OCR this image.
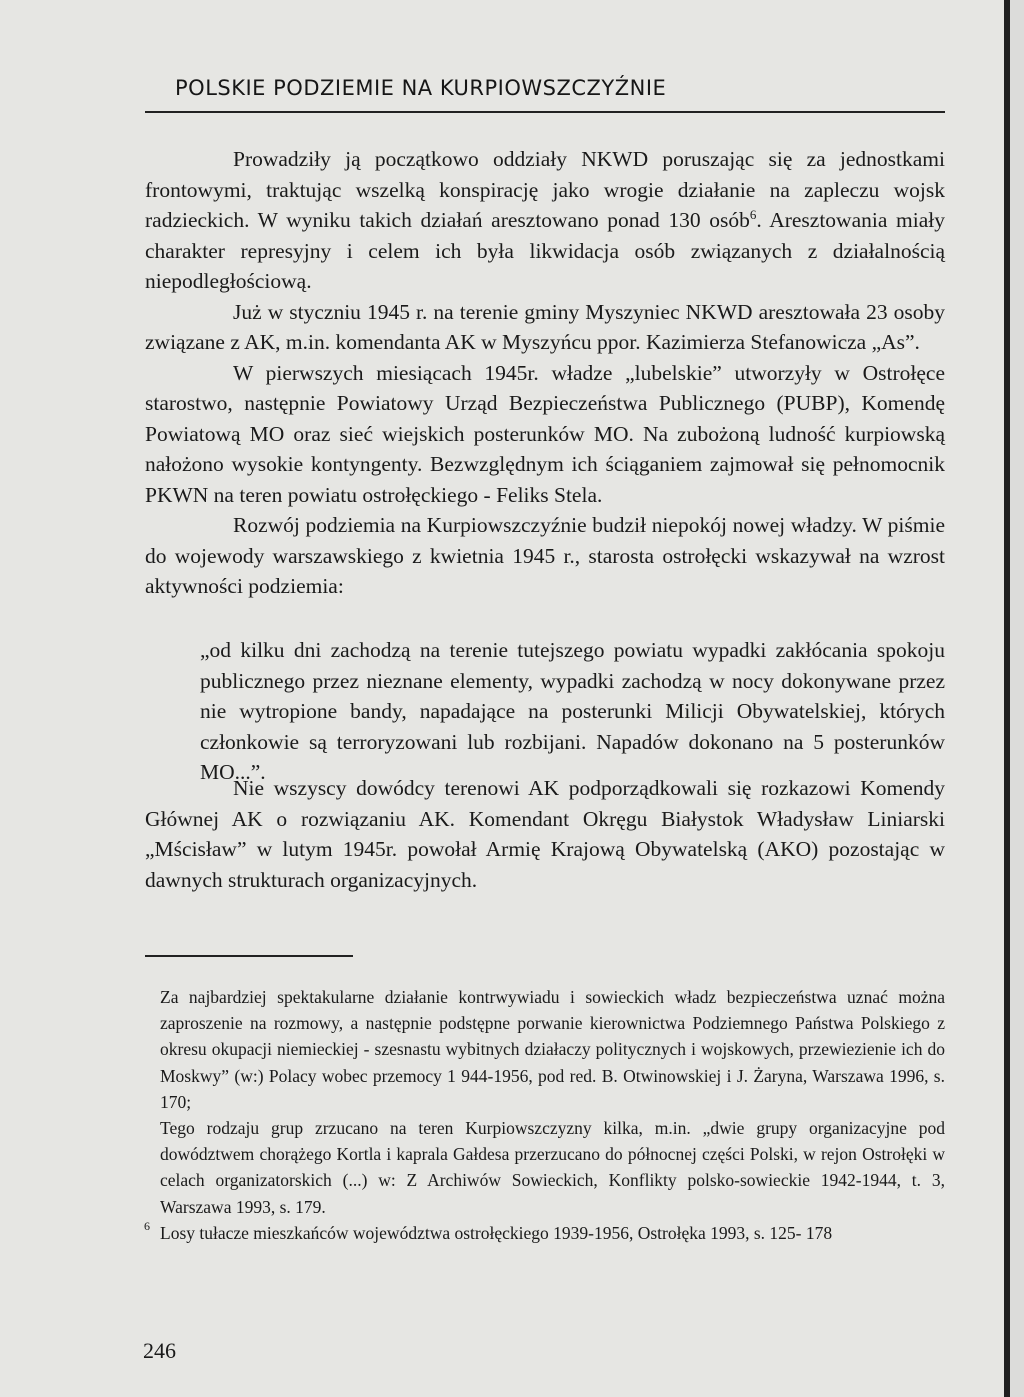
POLSKIE PODZIEMIE NA KURPIOWSZCZYŹNIE

Prowadziły ją początkowo oddziały NKWD poruszając się za jednostkami frontowymi, traktując wszelką konspirację jako wrogie działanie na zapleczu wojsk radzieckich. W wyniku takich działań aresztowano ponad 130 osób$^6$. Aresztowania miały charakter represyjny i celem ich była likwidacja osób związanych z działalnością niepodległościową.

Już w styczniu 1945 r. na terenie gminy Myszyniec NKWD aresztowała 23 osoby związane z AK, m.in. komendanta AK w Myszyńcu ppor. Kazimierza Stefanowicza „As”.

W pierwszych miesiącach 1945r. władze „lubelskie” utworzyły w Ostrołęce starostwo, następnie Powiatowy Urząd Bezpieczeństwa Publicznego (PUBP), Komendę Powiatową MO oraz sieć wiejskich posterunków MO. Na zubożoną ludność kurpiowską nałożono wysokie kontyngenty. Bezwzględnym ich ściąganiem zajmował się pełnomocnik PKWN na teren powiatu ostrołęckiego - Feliks Stela.

Rozwój podziemia na Kurpiowszczyźnie budził niepokój nowej władzy. W piśmie do wojewody warszawskiego z kwietnia 1945 r., starosta ostrołęcki wskazywał na wzrost aktywności podziemia:

„od kilku dni zachodzą na terenie tutejszego powiatu wypadki zakłócania spokoju publicznego przez nieznane elementy, wypadki zachodzą w nocy dokonywane przez nie wytropione bandy, napadające na posterunki Milicji Obywatelskiej, których członkowie są terroryzowani lub rozbijani. Napadów dokonano na 5 posterunków MO...”.

Nie wszyscy dowódcy terenowi AK podporządkowali się rozkazowi Komendy Głównej AK o rozwiązaniu AK. Komendant Okręgu Białystok Władysław Liniarski „Mścisław” w lutym 1945r. powołał Armię Krajową Obywatelską (AKO) pozostając w dawnych strukturach organizacyjnych.

Za najbardziej spektakularne działanie kontrwywiadu i sowieckich władz bezpieczeństwa uznać można zaproszenie na rozmowy, a następnie podstępne porwanie kierownictwa Podziemnego Państwa Polskiego z okresu okupacji niemieckiej - szesnastu wybitnych działaczy politycznych i wojskowych, przewiezienie ich do Moskwy” (w:) Polacy wobec przemocy 1 944-1956, pod red. B. Otwinowskiej i J. Żaryna, Warszawa 1996, s. 170;

Tego rodzaju grup zrzucano na teren Kurpiowszczyzny kilka, m.in. „dwie grupy organizacyjne pod dowództwem chorążego Kortla i kaprala Gałdesa przerzucano do północnej części Polski, w rejon Ostrołęki w celach organizatorskich (...) w: Z Archiwów Sowieckich, Konflikty polsko-sowieckie 1942-1944, t. 3, Warszawa 1993, s. 179.

6 Losy tułacze mieszkańców województwa ostrołęckiego 1939-1956, Ostrołęka 1993, s. 125- 178

246
